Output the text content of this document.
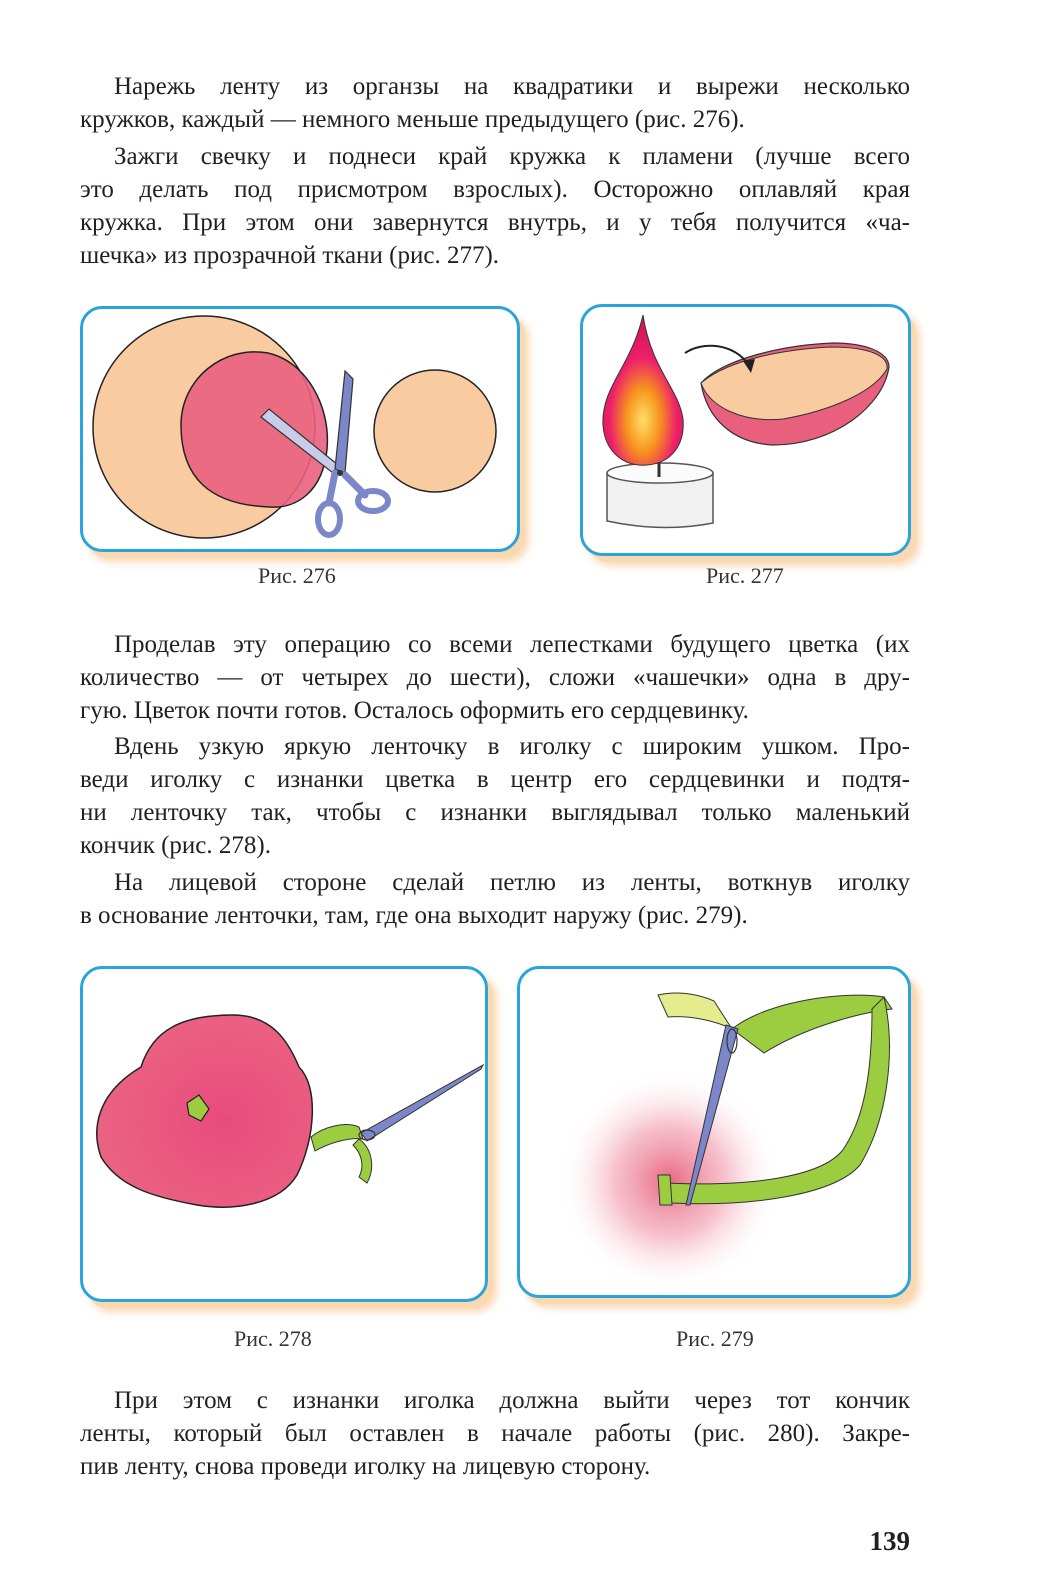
Нарежь ленту из органзы на квадратики и вырежи несколько
кружков, каждый — немного меньше предыдущего (рис. 276).
Зажги свечку и поднеси край кружка к пламени (лучше всего
это делать под присмотром взрослых). Осторожно оплавляй края
кружка. При этом они завернутся внутрь, и у тебя получится «ча-
шечка» из прозрачной ткани (рис. 277).
Рис. 276	Рис. 277
Проделав эту операцию со всеми лепестками будущего цветка (их
количество — от четырех до шести), сложи «чашечки» одна в дру-
гую. Цветок почти готов. Осталось оформить его сердцевинку.
Вдень узкую яркую ленточку в иголку с широким ушком. Про-
веди иголку с изнанки цветка в центр его сердцевинки и подтя-
ни ленточку так, чтобы с изнанки выглядывал только маленький
кончик (рис. 278).
На лицевой стороне сделай петлю из ленты, воткнув иголку
в основание ленточки, там, где она выходит наружу (рис. 279).
Рис. 278	Рис. 279
При этом с изнанки иголка должна выйти через тот кончик
ленты, который был оставлен в начале работы (рис. 280). Закре-
пив ленту, снова проведи иголку на лицевую сторону.
139
